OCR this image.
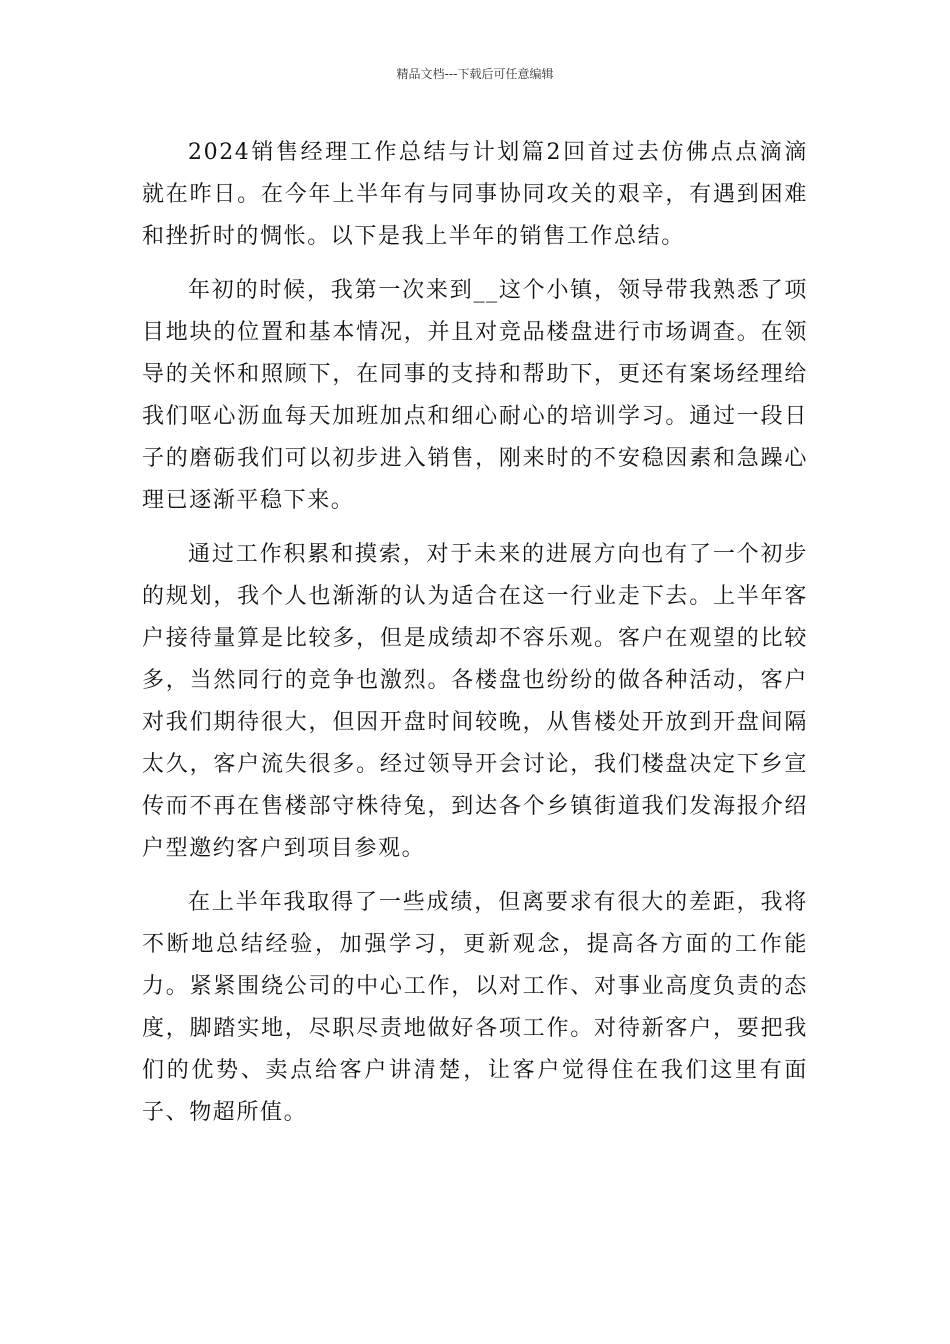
精品文档---下载后可任意编辑

2024销售经理工作总结与计划篇2回首过去仿佛点点滴滴就在昨日。在今年上半年有与同事协同攻关的艰辛，有遇到困难和挫折时的惆怅。以下是我上半年的销售工作总结。

年初的时候，我第一次来到__这个小镇，领导带我熟悉了项目地块的位置和基本情况，并且对竞品楼盘进行市场调查。在领导的关怀和照顾下，在同事的支持和帮助下，更还有案场经理给我们呕心沥血每天加班加点和细心耐心的培训学习。通过一段日子的磨砺我们可以初步进入销售，刚来时的不安稳因素和急躁心理已逐渐平稳下来。

通过工作积累和摸索，对于未来的进展方向也有了一个初步的规划，我个人也渐渐的认为适合在这一行业走下去。上半年客户接待量算是比较多，但是成绩却不容乐观。客户在观望的比较多，当然同行的竞争也激烈。各楼盘也纷纷的做各种活动，客户对我们期待很大，但因开盘时间较晚，从售楼处开放到开盘间隔太久，客户流失很多。经过领导开会讨论，我们楼盘决定下乡宣传而不再在售楼部守株待兔，到达各个乡镇街道我们发海报介绍户型邀约客户到项目参观。

在上半年我取得了一些成绩，但离要求有很大的差距，我将不断地总结经验，加强学习，更新观念，提高各方面的工作能力。紧紧围绕公司的中心工作，以对工作、对事业高度负责的态度，脚踏实地，尽职尽责地做好各项工作。对待新客户，要把我们的优势、卖点给客户讲清楚，让客户觉得住在我们这里有面子、物超所值。
